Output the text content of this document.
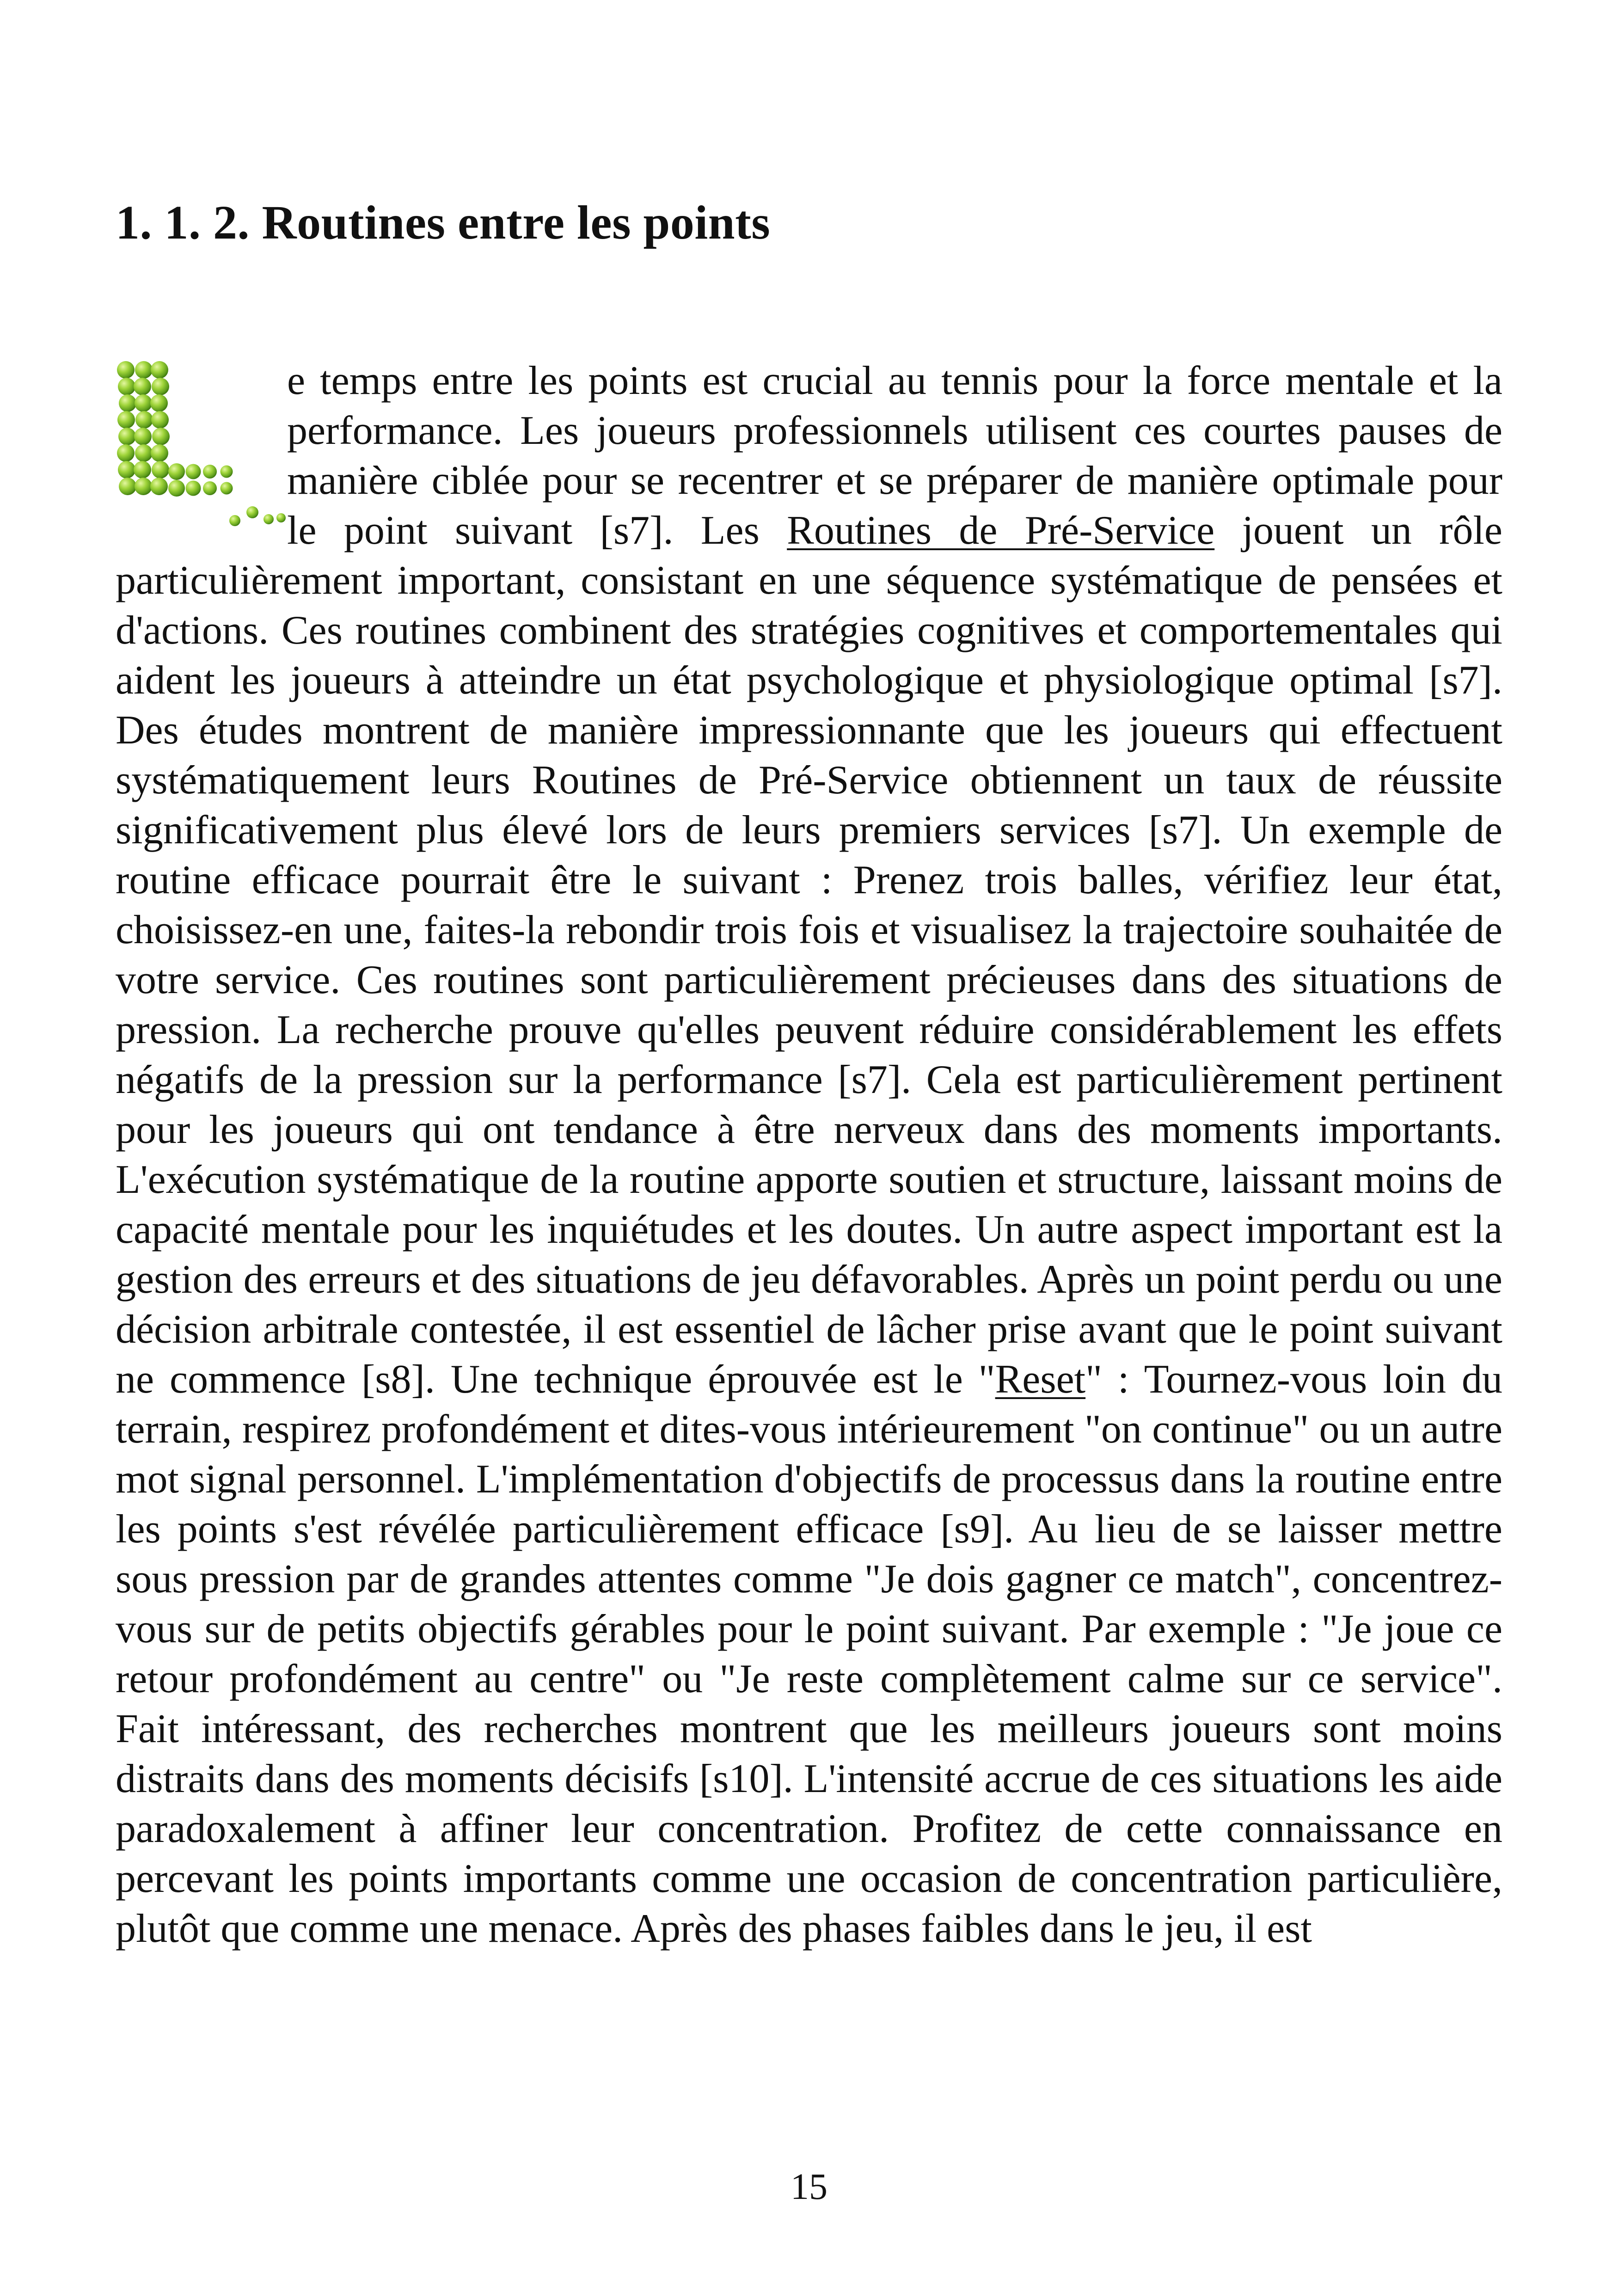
1. 1. 2. Routines entre les points

e temps entre les points est crucial au tennis pour la force mentale et la performance. Les joueurs professionnels utilisent ces courtes pauses de manière ciblée pour se recentrer et se préparer de manière optimale pour le point suivant [s7]. Les Routines de Pré-Service jouent un rôle particulièrement important, consistant en une séquence systématique de pensées et d'actions. Ces routines combinent des stratégies cognitives et comportementales qui aident les joueurs à atteindre un état psychologique et physiologique optimal [s7]. Des études montrent de manière impressionnante que les joueurs qui effectuent systématiquement leurs Routines de Pré-Service obtiennent un taux de réussite significativement plus élevé lors de leurs premiers services [s7]. Un exemple de routine efficace pourrait être le suivant : Prenez trois balles, vérifiez leur état, choisissez-en une, faites-la rebondir trois fois et visualisez la trajectoire souhaitée de votre service. Ces routines sont particulièrement précieuses dans des situations de pression. La recherche prouve qu'elles peuvent réduire considérablement les effets négatifs de la pression sur la performance [s7]. Cela est particulièrement pertinent pour les joueurs qui ont tendance à être nerveux dans des moments importants. L'exécution systématique de la routine apporte soutien et structure, laissant moins de capacité mentale pour les inquiétudes et les doutes. Un autre aspect important est la gestion des erreurs et des situations de jeu défavorables. Après un point perdu ou une décision arbitrale contestée, il est essentiel de lâcher prise avant que le point suivant ne commence [s8]. Une technique éprouvée est le "Reset" : Tournez-vous loin du terrain, respirez profondément et dites-vous intérieurement "on continue" ou un autre mot signal personnel. L'implémentation d'objectifs de processus dans la routine entre les points s'est révélée particulièrement efficace [s9]. Au lieu de se laisser mettre sous pression par de grandes attentes comme "Je dois gagner ce match", concentrez-vous sur de petits objectifs gérables pour le point suivant. Par exemple : "Je joue ce retour profondément au centre" ou "Je reste complètement calme sur ce service". Fait intéressant, des recherches montrent que les meilleurs joueurs sont moins distraits dans des moments décisifs [s10]. L'intensité accrue de ces situations les aide paradoxalement à affiner leur concentration. Profitez de cette connaissance en percevant les points importants comme une occasion de concentration particulière, plutôt que comme une menace. Après des phases faibles dans le jeu, il est

15
